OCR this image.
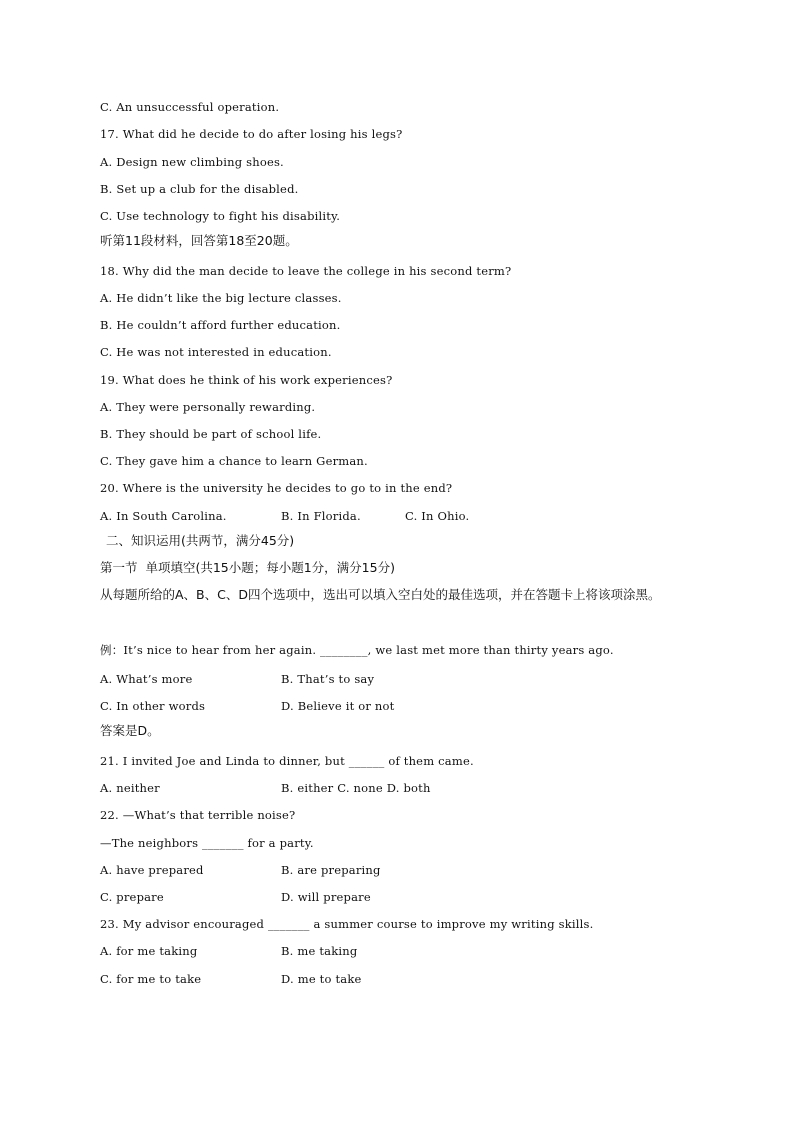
C. An unsuccessful operation.
17. What did he decide to do after losing his legs?
A. Design new climbing shoes.
B. Set up a club for the disabled.
C. Use technology to fight his disability.
听第11段材料，回答第18至20题。
18. Why did the man decide to leave the college in his second term?
A. He didn’t like the big lecture classes.
B. He couldn’t afford further education.
C. He was not interested in education.
19. What does he think of his work experiences?
A. They were personally rewarding.
B. They should be part of school life.
C. They gave him a chance to learn German.
20. Where is the university he decides to go to in the end?
A. In South Carolina.	B. In Florida.	C. In Ohio.
二、知识运用(共两节，满分45分)
第一节  单项填空(共15小题；每小题1分，满分15分)
从每题所给的A、B、C、D四个选项中，选出可以填入空白处的最佳选项，并在答题卡上将该项涂黑。
例：It’s nice to hear from her again. ________, we last met more than thirty years ago.
A. What’s more	B. That’s to say
C. In other words	D. Believe it or not
答案是D。
21. I invited Joe and Linda to dinner, but ______ of them came.
A. neither	B. either C. none D. both
22. —What’s that terrible noise?
—The neighbors _______ for a party.
A. have prepared	B. are preparing
C. prepare	D. will prepare
23. My advisor encouraged _______ a summer course to improve my writing skills.
A. for me taking	B. me taking
C. for me to take	D. me to take
